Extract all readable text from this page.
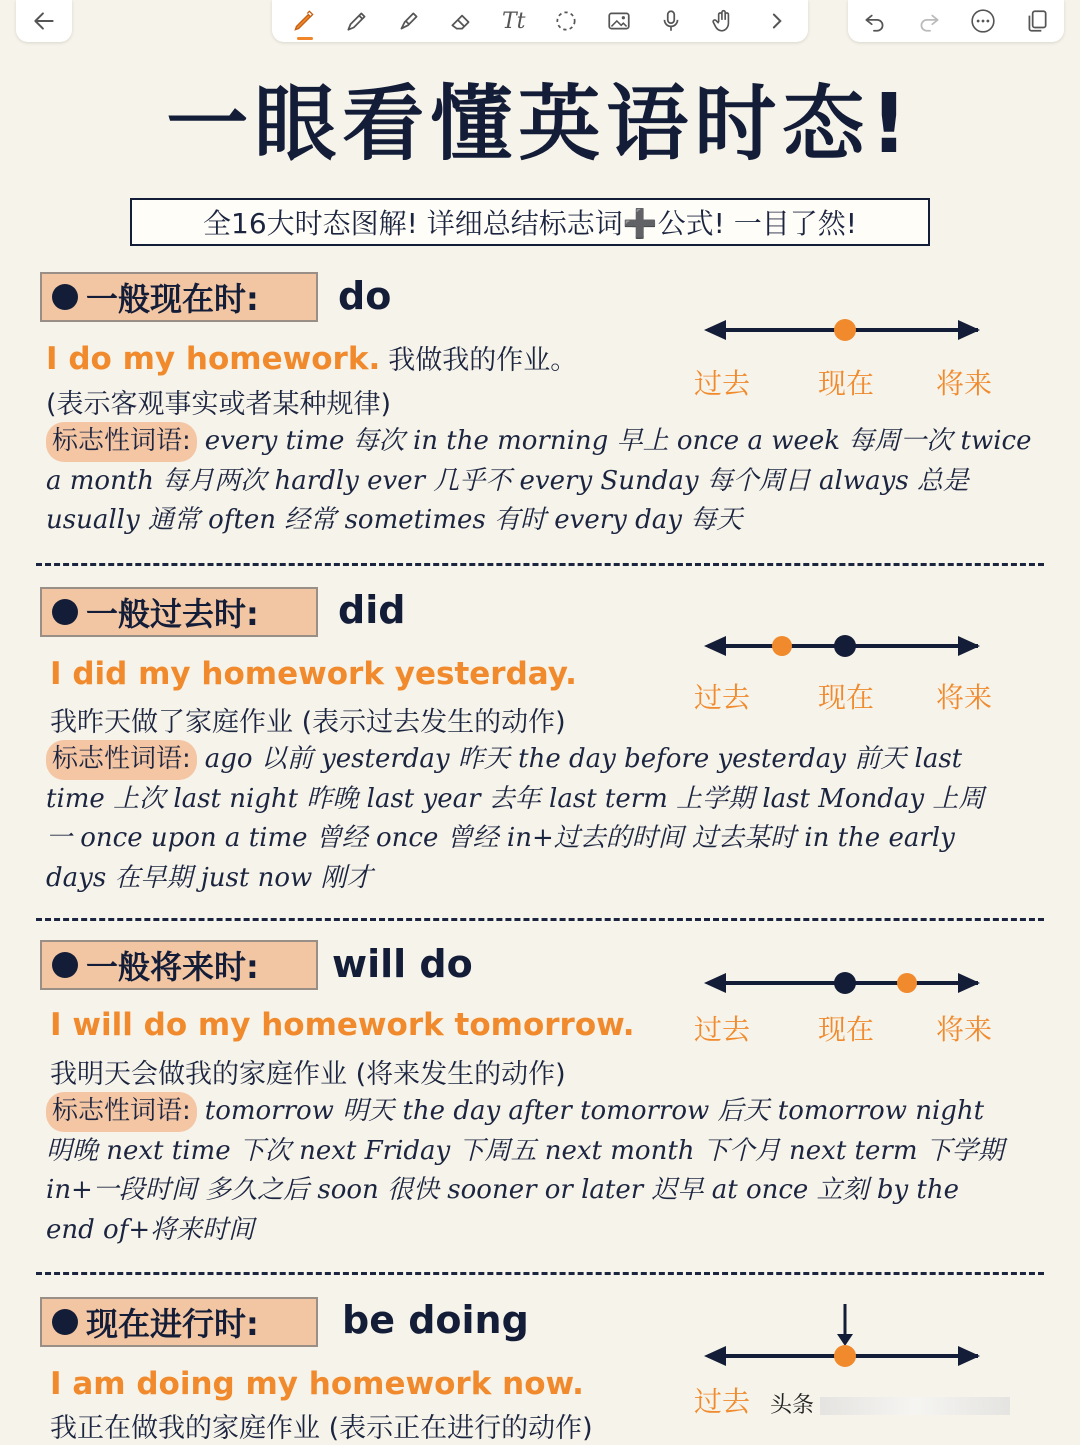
Tt
一眼看懂英语时态!
全16大时态图解! 详细总结标志词➕公式! 一目了然!
一般现在时: do
I do my homework. 我做我的作业。
(表示客观事实或者某种规律)
标志性词语: every time 每次 in the morning 早上 once a week 每周一次 twice a month 每月两次 hardly ever 几乎不 every Sunday 每个周日 always 总是 usually 通常 often 经常 sometimes 有时 every day 每天
过去 现在 将来
一般过去时: did
I did my homework yesterday.
我昨天做了家庭作业 (表示过去发生的动作)
标志性词语: ago 以前 yesterday 昨天 the day before yesterday 前天 last time 上次 last night 昨晚 last year 去年 last term 上学期 last Monday 上周一 once upon a time 曾经 once 曾经 in+过去的时间 过去某时 in the early days 在早期 just now 刚才
过去 现在 将来
一般将来时: will do
I will do my homework tomorrow.
我明天会做我的家庭作业 (将来发生的动作)
标志性词语: tomorrow 明天 the day after tomorrow 后天 tomorrow night 明晚 next time 下次 next Friday 下周五 next month 下个月 next term 下学期 in+一段时间 多久之后 soon 很快 sooner or later 迟早 at once 立刻 by the end of+将来时间
过去 现在 将来
现在进行时: be doing
I am doing my homework now.
我正在做我的家庭作业 (表示正在进行的动作)
过去 头条
